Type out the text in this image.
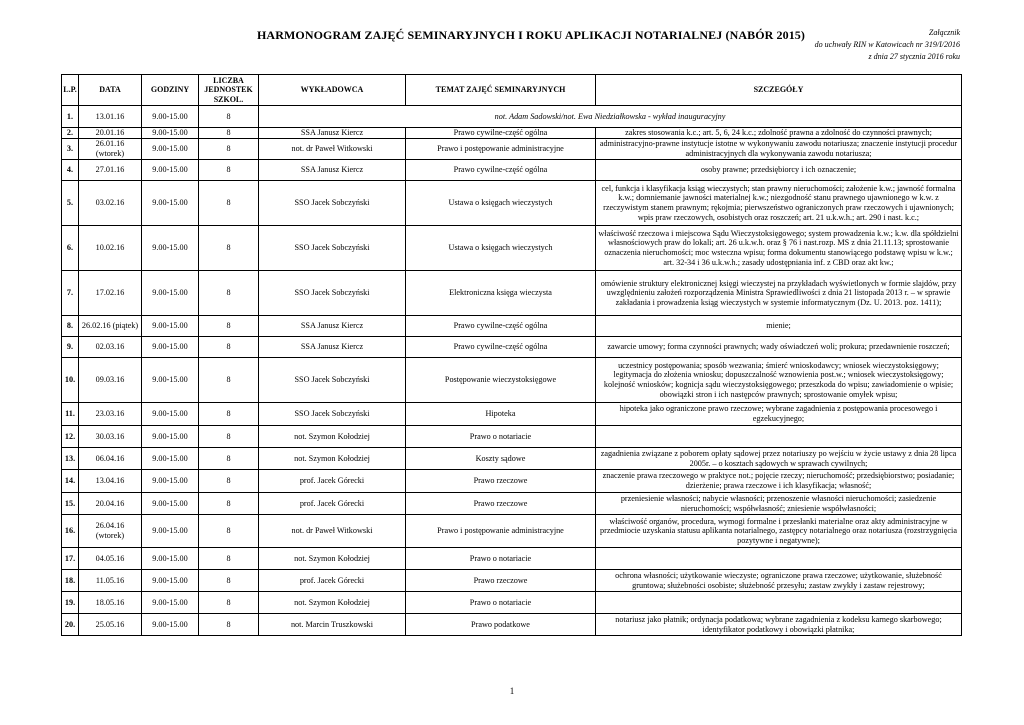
HARMONOGRAM ZAJĘĆ SEMINARYJNYCH I ROKU APLIKACJI NOTARIALNEJ (NABÓR 2015)	Załącznik
do uchwały RIN w Katowicach nr 319/I/2016
z dnia 27 stycznia 2016 roku
L.P.	DATA	GODZINY	LICZBA JEDNOSTEK SZKOL.	WYKŁADOWCA	TEMAT ZAJĘĆ SEMINARYJNYCH	SZCZEGÓŁY
1.	13.01.16	9.00-15.00	8	not. Adam Sadowski/not. Ewa Niedziałkowska - wykład inauguracyjny		
2.	20.01.16	9.00-15.00	8	SSA Janusz Kiercz	Prawo cywilne-część ogólna	zakres stosowania k.c.; art. 5, 6, 24 k.c.; zdolność prawna a zdolność do czynności prawnych;
3.	26.01.16 (wtorek)	9.00-15.00	8	not. dr Paweł Witkowski	Prawo i postępowanie administracyjne	administracyjno-prawne instytucje istotne w wykonywaniu zawodu notariusza; znaczenie instytucji procedur administracyjnych dla wykonywania zawodu notariusza;
4.	27.01.16	9.00-15.00	8	SSA Janusz Kiercz	Prawo cywilne-część ogólna	osoby prawne; przedsiębiorcy i ich oznaczenie;
5.	03.02.16	9.00-15.00	8	SSO Jacek Sobczyński	Ustawa o księgach wieczystych	cel, funkcja i klasyfikacja ksiąg wieczystych; stan prawny nieruchomości; założenie k.w.; jawność formalna k.w.; domniemanie jawności materialnej k.w.; niezgodność stanu prawnego ujawnionego w k.w. z rzeczywistym stanem prawnym; rękojmia; pierwszeństwo ograniczonych praw rzeczowych i ujawnionych; wpis praw rzeczowych, osobistych oraz roszczeń; art. 21 u.k.w.h.; art. 290 i nast. k.c.;
6.	10.02.16	9.00-15.00	8	SSO Jacek Sobczyński	Ustawa o księgach wieczystych	właściwość rzeczowa i miejscowa Sądu Wieczystoksięgowego; system prowadzenia k.w.; k.w. dla spółdzielni własnościowych praw do lokali; art. 26 u.k.w.h. oraz § 76 i nast.rozp. MS z dnia 21.11.13; sprostowanie oznaczenia nieruchomości; moc wsteczna wpisu; forma dokumentu stanowiącego podstawę wpisu w k.w.; art. 32-34 i 36 u.k.w.h.; zasady udostępniania inf. z CBD oraz akt kw.;
7.	17.02.16	9.00-15.00	8	SSO Jacek Sobczyński	Elektroniczna księga wieczysta	omówienie struktury elektronicznej księgi wieczystej na przykładach wyświetlonych w formie slajdów, przy uwzględnieniu założeń rozporządzenia Ministra Sprawiedliwości z dnia 21 listopada 2013 r. – w sprawie zakładania i prowadzenia ksiąg wieczystych w systemie informatycznym (Dz. U. 2013. poz. 1411);
8.	26.02.16 (piątek)	9.00-15.00	8	SSA Janusz Kiercz	Prawo cywilne-część ogólna	mienie;
9.	02.03.16	9.00-15.00	8	SSA Janusz Kiercz	Prawo cywilne-część ogólna	zawarcie umowy; forma czynności prawnych; wady oświadczeń woli; prokura; przedawnienie roszczeń;
10.	09.03.16	9.00-15.00	8	SSO Jacek Sobczyński	Postępowanie wieczystoksięgowe	uczestnicy postępowania; sposób wezwania; śmierć wnioskodawcy; wniosek wieczystoksięgowy; legitymacja do złożenia wniosku; dopuszczalność wznowienia post.w.; wniosek wieczystoksięgowy; kolejność wniosków; kognicja sądu wieczystoksięgowego; przeszkoda do wpisu; zawiadomienie o wpisie; obowiązki stron i ich następców prawnych; sprostowanie omyłek wpisu;
11.	23.03.16	9.00-15.00	8	SSO Jacek Sobczyński	Hipoteka	hipoteka jako ograniczone prawo rzeczowe; wybrane zagadnienia z postępowania procesowego i egzekucyjnego;
12.	30.03.16	9.00-15.00	8	not. Szymon Kołodziej	Prawo o notariacie	
13.	06.04.16	9.00-15.00	8	not. Szymon Kołodziej	Koszty sądowe	zagadnienia związane z poborem opłaty sądowej przez notariuszy po wejściu w życie ustawy z dnia 28 lipca 2005r. – o kosztach sądowych w sprawach cywilnych;
14.	13.04.16	9.00-15.00	8	prof. Jacek Górecki	Prawo rzeczowe	znaczenie prawa rzeczowego w praktyce not.; pojęcie rzeczy; nieruchomość; przedsiębiorstwo; posiadanie; dzierżenie; prawa rzeczowe i ich klasyfikacja; własność;
15.	20.04.16	9.00-15.00	8	prof. Jacek Górecki	Prawo rzeczowe	przeniesienie własności; nabycie własności; przenoszenie własności nieruchomości; zasiedzenie nieruchomości; współwłasność; zniesienie współwłasności;
16.	26.04.16 (wtorek)	9.00-15.00	8	not. dr Paweł Witkowski	Prawo i postępowanie administracyjne	właściwość organów, procedura, wymogi formalne i przesłanki materialne oraz akty administracyjne w przedmiocie uzyskania statusu aplikanta notarialnego, zastępcy notarialnego oraz notariusza (rozstrzygnięcia pozytywne i negatywne);
17.	04.05.16	9.00-15.00	8	not. Szymon Kołodziej	Prawo o notariacie	
18.	11.05.16	9.00-15.00	8	prof. Jacek Górecki	Prawo rzeczowe	ochrona własności; użytkowanie wieczyste; ograniczone prawa rzeczowe; użytkowanie, służebność gruntowa; służebności osobiste; służebność przesyłu; zastaw zwykły i zastaw rejestrowy;
19.	18.05.16	9.00-15.00	8	not. Szymon Kołodziej	Prawo o notariacie	
20.	25.05.16	9.00-15.00	8	not. Marcin Truszkowski	Prawo podatkowe	notariusz jako płatnik; ordynacja podatkowa; wybrane zagadnienia z kodeksu karnego skarbowego; identyfikator podatkowy i obowiązki płatnika;
1
